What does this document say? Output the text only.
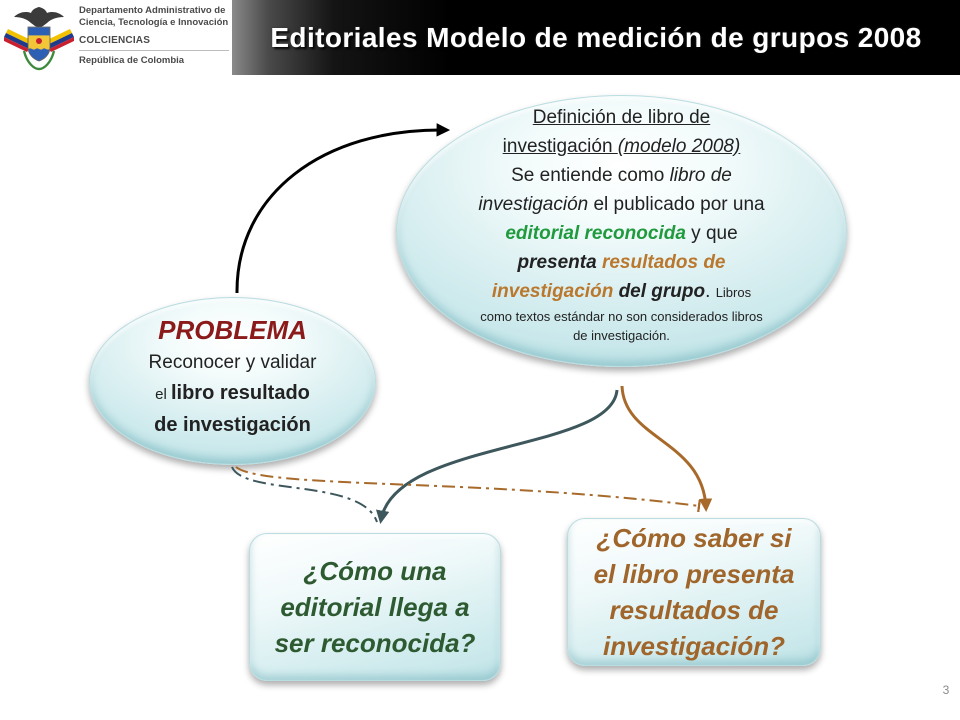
Departamento Administrativo de
Ciencia, Tecnología e Innovación
COLCIENCIAS
República de Colombia
Editoriales Modelo de medición de grupos 2008
Definición de libro de
investigación (modelo 2008)
Se entiende como libro de
investigación el publicado por una
editorial reconocida y que
presenta resultados de
investigación del grupo. Libros
como textos estándar no son considerados libros
de investigación.
PROBLEMA
Reconocer y validar
el libro resultado
de investigación
¿Cómo una
editorial llega a
ser reconocida?
¿Cómo saber si
el libro presenta
resultados de
investigación?
3
